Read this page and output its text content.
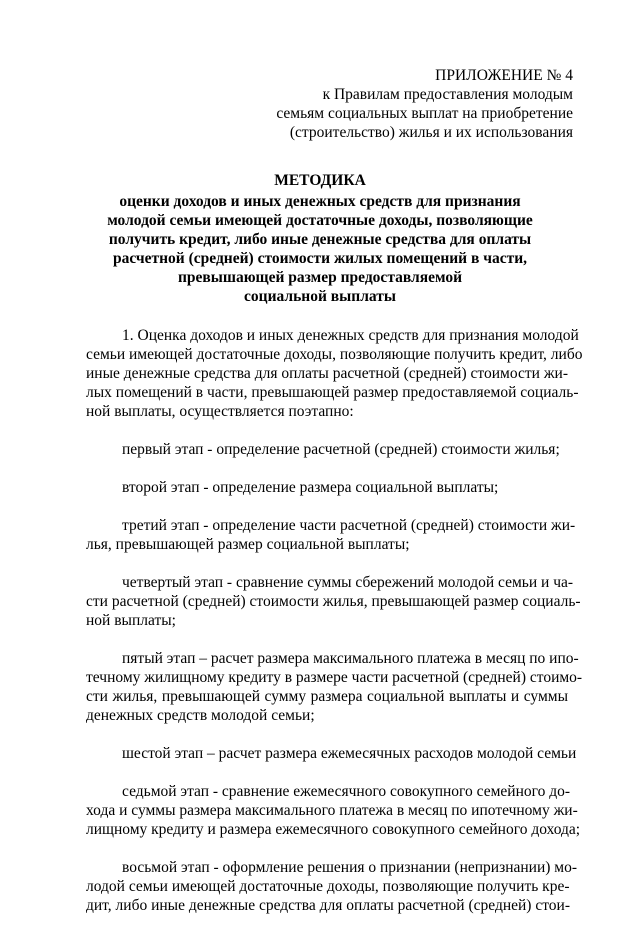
ПРИЛОЖЕНИЕ № 4
к Правилам предоставления молодым
семьям социальных выплат на приобретение
(строительство) жилья и их использования
МЕТОДИКА
оценки доходов и иных денежных средств для признания
молодой семьи имеющей достаточные доходы, позволяющие
получить кредит, либо иные денежные средства для оплаты
расчетной (средней) стоимости жилых помещений в части,
превышающей размер предоставляемой
социальной выплаты
1. Оценка доходов и иных денежных средств для признания молодой
семьи имеющей достаточные доходы, позволяющие получить кредит, либо
иные денежные средства для оплаты расчетной (средней) стоимости жи-
лых помещений в части, превышающей размер предоставляемой социаль-
ной выплаты, осуществляется поэтапно:
первый этап - определение расчетной (средней) стоимости жилья;
второй этап - определение размера социальной выплаты;
третий этап - определение части расчетной (средней) стоимости жи-
лья, превышающей размер социальной выплаты;
четвертый этап - сравнение суммы сбережений молодой семьи и ча-
сти расчетной (средней) стоимости жилья, превышающей размер социаль-
ной выплаты;
пятый этап – расчет размера максимального платежа в месяц по ипо-
течному жилищному кредиту в размере части расчетной (средней) стоимо-
сти жилья, превышающей сумму размера социальной выплаты и суммы
денежных средств молодой семьи;
шестой этап – расчет размера ежемесячных расходов молодой семьи
седьмой этап - сравнение ежемесячного совокупного семейного до-
хода и суммы размера максимального платежа в месяц по ипотечному жи-
лищному кредиту и размера ежемесячного совокупного семейного дохода;
восьмой этап - оформление решения о признании (непризнании) мо-
лодой семьи имеющей достаточные доходы, позволяющие получить кре-
дит, либо иные денежные средства для оплаты расчетной (средней) стои-
